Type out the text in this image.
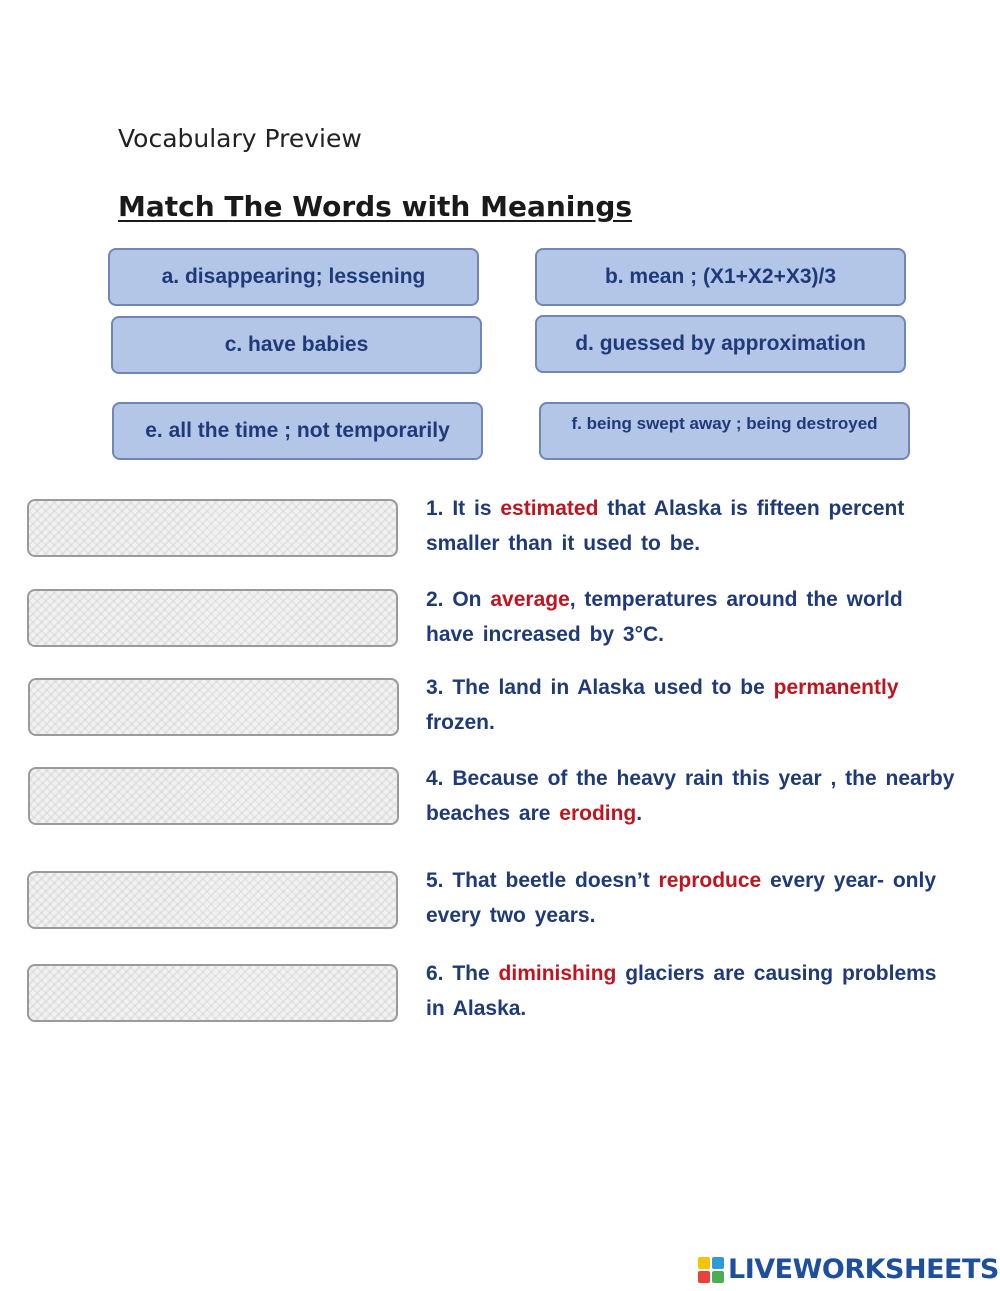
Vocabulary Preview
Match The Words with Meanings
a. disappearing; lessening	b. mean ; (X1+X2+X3)/3
c. have babies	d. guessed by approximation
e. all the time ; not temporarily	f. being swept away ; being destroyed
1. It is estimated that Alaska is fifteen percent smaller than it used to be.
2. On average, temperatures around the world have increased by 3°C.
3. The land in Alaska used to be permanently frozen.
4. Because of the heavy rain this year , the nearby beaches are eroding.
5. That beetle doesn’t reproduce every year- only every two years.
6. The diminishing glaciers are causing problems in Alaska.
LIVEWORKSHEETS
